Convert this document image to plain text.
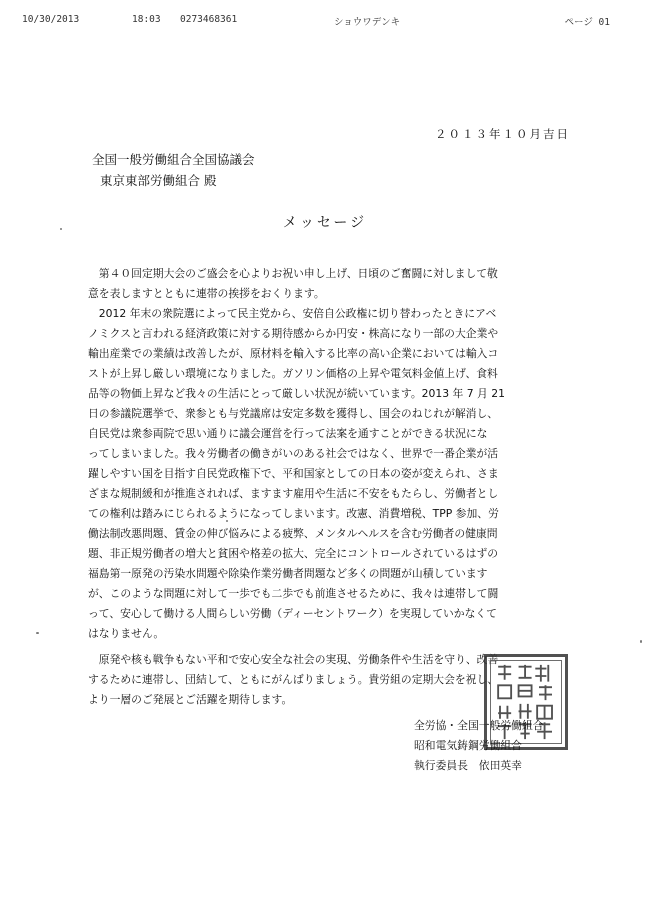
10/30/2013	18:03 0273468361	ショウワデンキ	ページ 01
２０１３年１０月吉日
全国一般労働組合全国協議会
東京東部労働組合 殿
メッセージ
　第４０回定期大会のご盛会を心よりお祝い申し上げ、日頃のご奮闘に対しまして敬
意を表しますとともに連帯の挨拶をおくります。
　2012 年末の衆院選によって民主党から、安倍自公政権に切り替わったときにアベ
ノミクスと言われる経済政策に対する期待感からか円安・株高になり一部の大企業や
輸出産業での業績は改善したが、原材料を輸入する比率の高い企業においては輸入コ
ストが上昇し厳しい環境になりました。ガソリン価格の上昇や電気料金値上げ、食料
品等の物価上昇など我々の生活にとって厳しい状況が続いています。2013 年 7 月 21
日の参議院選挙で、衆参とも与党議席は安定多数を獲得し、国会のねじれが解消し、
自民党は衆参両院で思い通りに議会運営を行って法案を通すことができる状況にな
ってしまいました。我々労働者の働きがいのある社会ではなく、世界で一番企業が活
躍しやすい国を目指す自民党政権下で、平和国家としての日本の姿が変えられ、さま
ざまな規制緩和が推進されれば、ますます雇用や生活に不安をもたらし、労働者とし
ての権利は踏みにじられるようになってしまいます。改憲、消費増税、TPP 参加、労
働法制改悪問題、賃金の伸び悩みによる疲弊、メンタルヘルスを含む労働者の健康問
題、非正規労働者の増大と貧困や格差の拡大、完全にコントロールされているはずの
福島第一原発の汚染水問題や除染作業労働者問題など多くの問題が山積しています
が、このような問題に対して一歩でも二歩でも前進させるために、我々は連帯して闘
って、安心して働ける人間らしい労働（ディーセントワーク）を実現していかなくて
はなりません。
　原発や核も戦争もない平和で安心安全な社会の実現、労働条件や生活を守り、改善
するために連帯し、団結して、ともにがんばりましょう。貴労組の定期大会を祝し、
より一層のご発展とご活躍を期待します。
全労協・全国一般労働組合
昭和電気鋳鋼労働組合
執行委員長　依田英幸
